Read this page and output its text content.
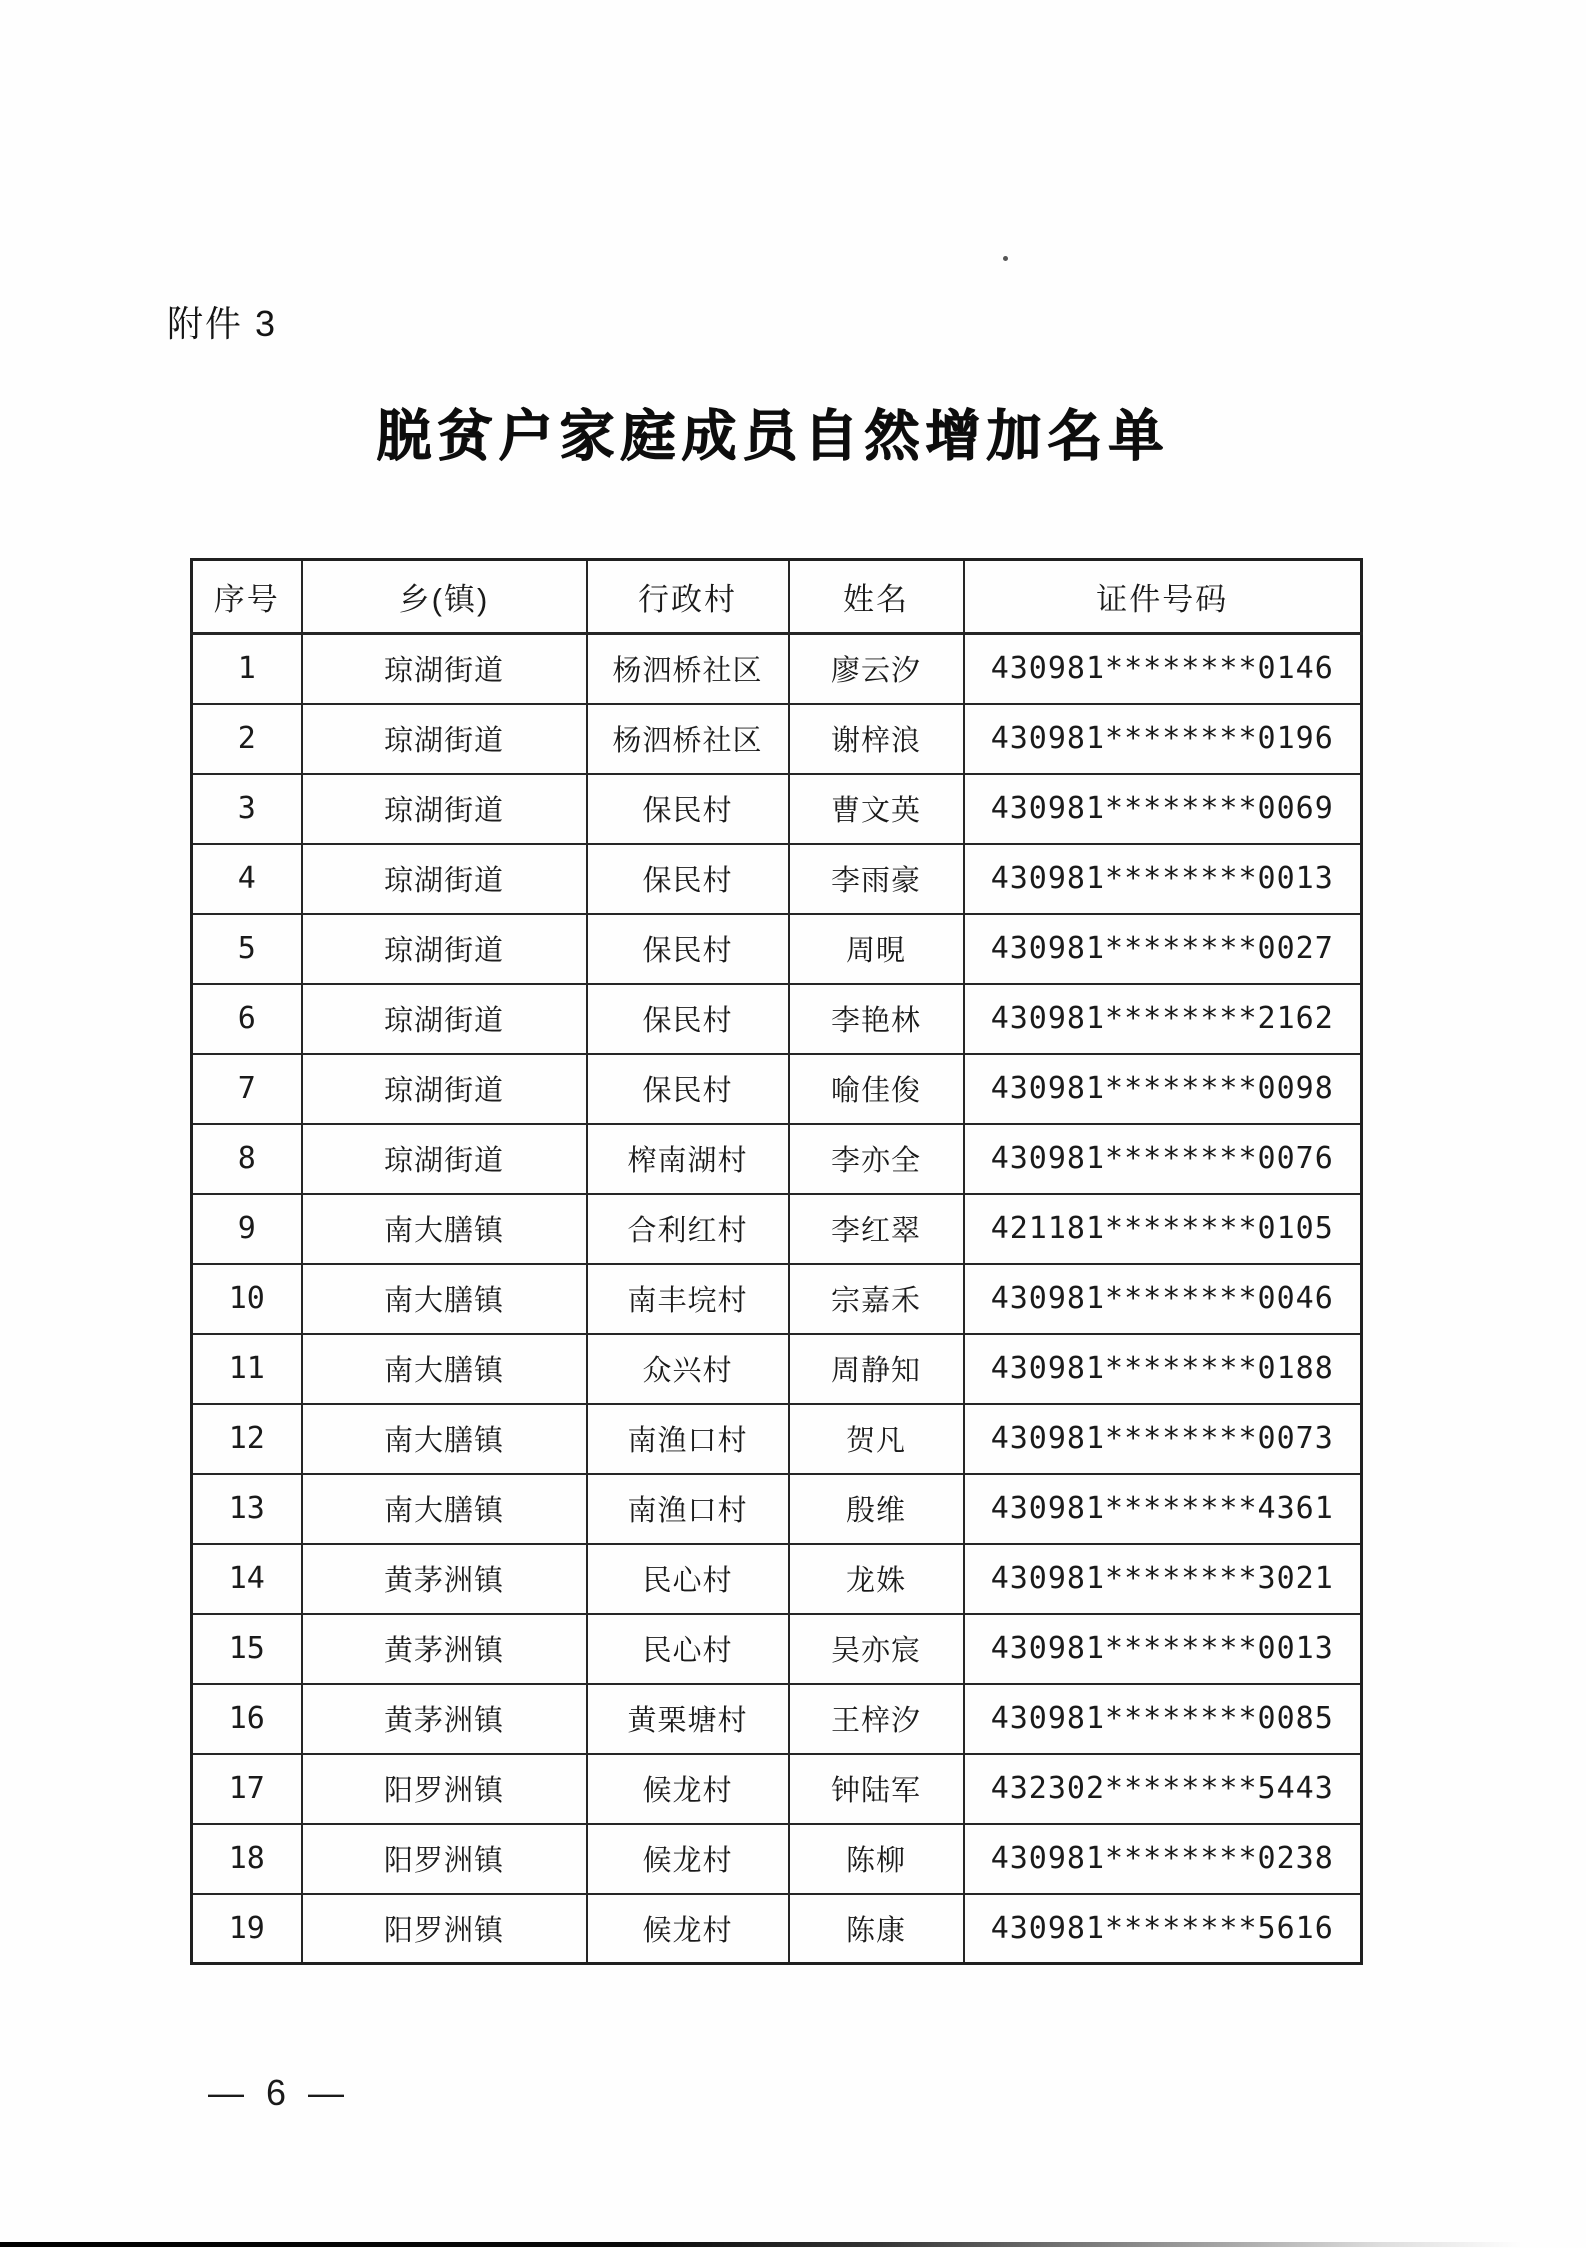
附件 3
脱贫户家庭成员自然增加名单
序号	乡(镇)	行政村	姓名	证件号码
1	琼湖街道	杨泗桥社区	廖云汐	430981********0146
2	琼湖街道	杨泗桥社区	谢梓浪	430981********0196
3	琼湖街道	保民村	曹文英	430981********0069
4	琼湖街道	保民村	李雨豪	430981********0013
5	琼湖街道	保民村	周晛	430981********0027
6	琼湖街道	保民村	李艳林	430981********2162
7	琼湖街道	保民村	喻佳俊	430981********0098
8	琼湖街道	榨南湖村	李亦全	430981********0076
9	南大膳镇	合利红村	李红翠	421181********0105
10	南大膳镇	南丰垸村	宗嘉禾	430981********0046
11	南大膳镇	众兴村	周静知	430981********0188
12	南大膳镇	南渔口村	贺凡	430981********0073
13	南大膳镇	南渔口村	殷维	430981********4361
14	黄茅洲镇	民心村	龙姝	430981********3021
15	黄茅洲镇	民心村	吴亦宸	430981********0013
16	黄茅洲镇	黄栗塘村	王梓汐	430981********0085
17	阳罗洲镇	候龙村	钟陆军	432302********5443
18	阳罗洲镇	候龙村	陈柳	430981********0238
19	阳罗洲镇	候龙村	陈康	430981********5616
— 6 —
